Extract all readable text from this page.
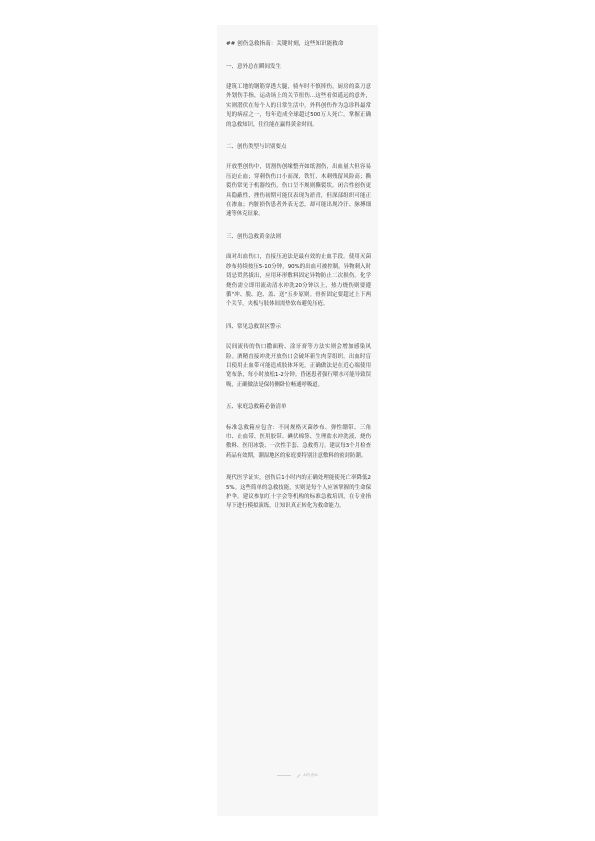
## 创伤急救指南：关键时刻，这些知识能救命
一、意外总在瞬间发生
建筑工地的钢筋穿透大腿，骑车时不慎摔伤，厨房的菜刀意外划伤手指，运动场上的关节扭伤...这些看似遥远的意外，实则潜伏在每个人的日常生活中。外科创伤作为急诊科最常见的病症之一，每年造成全球超过500万人死亡。掌握正确的急救知识，往往能在赢得黄金时间。
二、创伤类型与识别要点
开放型创伤中，切割伤创缘整齐如纸割伤，出血量大但容易压迫止血；穿刺伤伤口小而深，铁钉、木刺残留风险高；撕裂伤常见于机器绞伤，伤口呈不规则撕裂状。闭合性创伤更具隐蔽性，挫伤初期可能仅表现为淤青，但深部组织可能正在渗血；内脏损伤患者外表无恙，却可能出现冷汗、脉搏细速等休克征象。
三、创伤急救黄金法则
面对出血伤口，直接压迫法是最有效的止血手段。使用灭菌纱布持续按压5-10分钟，90%的出血可被控制。异物刺入时切忌贸然拔出，应用环形敷料固定异物防止二次损伤。化学烧伤需立即用流动清水冲洗20分钟以上，热力烧伤则要遵循"冲、脱、泡、盖、送"五步原则。骨折固定要超过上下两个关节，夹板与肢体间需垫软布避免压疮。
四、常见急救误区警示
民间流传的伤口撒面粉、涂牙膏等方法实则会增加感染风险。酒精直接冲洗开放伤口会破坏新生肉芽组织。出血时盲目使用止血带可能造成肢体坏死，正确做法是在近心端使用宽布条，每小时放松1-2分钟。昏迷患者强行喂水可能导致误吸，正确做法是保持侧卧位畅通呼吸道。
五、家庭急救箱必备清单
标准急救箱应包含：不同规格灭菌纱布、弹性绷带、三角巾、止血带、医用胶带、碘伏棉签、生理盐水冲洗液、烧伤敷料、医用冰袋、一次性手套、急救剪刀。建议每3个月检查药品有效期，潮湿地区的家庭要特别注意敷料的密封防潮。
现代医学证实，创伤后1小时内的正确处理能使死亡率降低25%。这些简单的急救技能，实则是每个人应该掌握的生命保护伞。建议参加红十字会等机构的标准急救培训，在专业指导下进行模拟演练，让知识真正转化为救命能力。
AI作者AI
